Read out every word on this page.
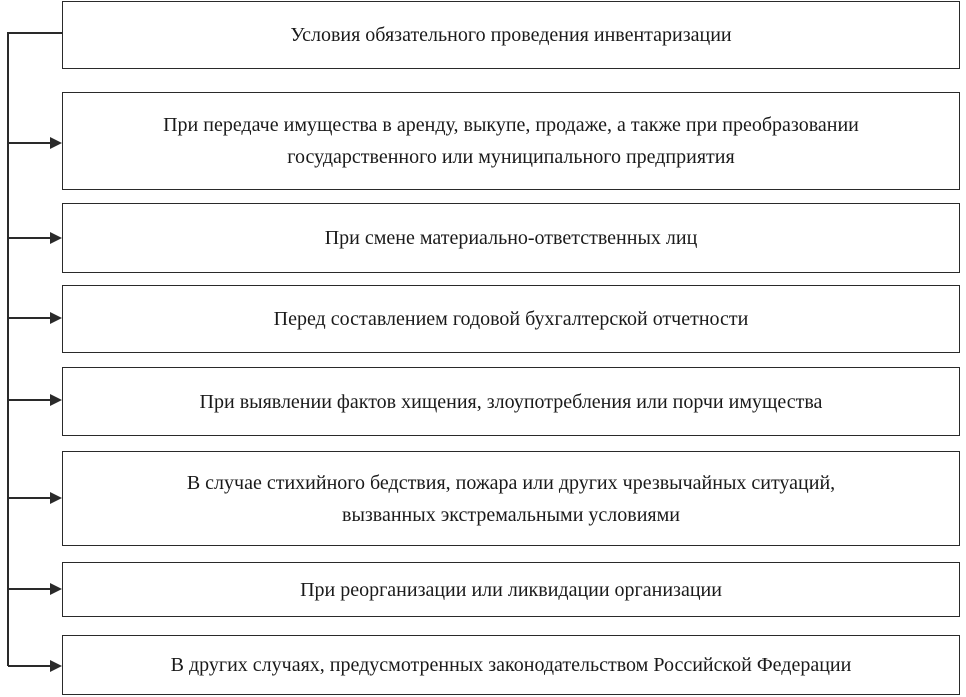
Условия обязательного проведения инвентаризации
При передаче имущества в аренду, выкупе, продаже, а также при преобразовании
государственного или муниципального предприятия
При смене материально-ответственных лиц
Перед составлением годовой бухгалтерской отчетности
При выявлении фактов хищения, злоупотребления или порчи имущества
В случае стихийного бедствия, пожара или других чрезвычайных ситуаций,
вызванных экстремальными условиями
При реорганизации или ликвидации организации
В других случаях, предусмотренных законодательством Российской Федерации
